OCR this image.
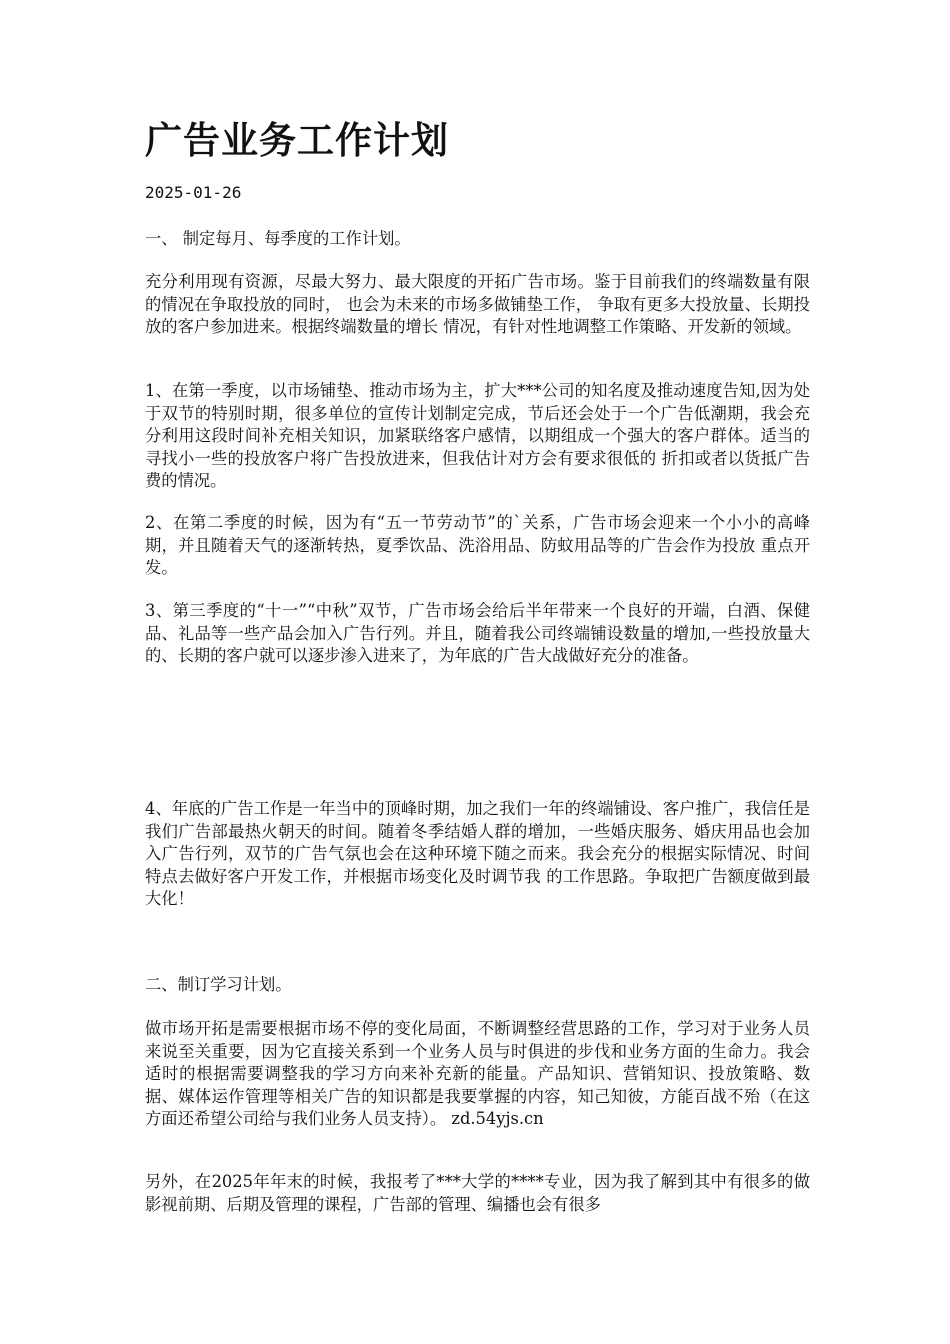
广告业务工作计划
2025-01-26

一、 制定每月、每季度的工作计划。

充分利用现有资源，尽最大努力、最大限度的开拓广告市场。鉴于目前我们的终端数量有限的情况在争取投放的同时， 也会为未来的市场多做铺垫工作， 争取有更多大投放量、长期投放的客户参加进来。根据终端数量的增长 情况，有针对性地调整工作策略、开发新的领域。

1、在第一季度，以市场铺垫、推动市场为主，扩大***公司的知名度及推动速度告知,因为处于双节的特别时期，很多单位的宣传计划制定完成，节后还会处于一个广告低潮期，我会充分利用这段时间补充相关知识，加紧联络客户感情，以期组成一个强大的客户群体。适当的寻找小一些的投放客户将广告投放进来，但我估计对方会有要求很低的 折扣或者以货抵广告费的情况。

2、在第二季度的时候，因为有“五一节劳动节”的`关系，广告市场会迎来一个小小的高峰期，并且随着天气的逐渐转热，夏季饮品、洗浴用品、防蚊用品等的广告会作为投放 重点开发。

3、第三季度的“十一”“中秋”双节，广告市场会给后半年带来一个良好的开端，白酒、保健品、礼品等一些产品会加入广告行列。并且，随着我公司终端铺设数量的增加,一些投放量大的、长期的客户就可以逐步渗入进来了，为年底的广告大战做好充分的准备。

4、年底的广告工作是一年当中的顶峰时期，加之我们一年的终端铺设、客户推广，我信任是我们广告部最热火朝天的时间。随着冬季结婚人群的增加，一些婚庆服务、婚庆用品也会加入广告行列，双节的广告气氛也会在这种环境下随之而来。我会充分的根据实际情况、时间特点去做好客户开发工作，并根据市场变化及时调节我 的工作思路。争取把广告额度做到最大化！

二、制订学习计划。

做市场开拓是需要根据市场不停的变化局面，不断调整经营思路的工作，学习对于业务人员来说至关重要，因为它直接关系到一个业务人员与时俱进的步伐和业务方面的生命力。我会适时的根据需要调整我的学习方向来补充新的能量。产品知识、营销知识、投放策略、数据、媒体运作管理等相关广告的知识都是我要掌握的内容，知己知彼，方能百战不殆（在这方面还希望公司给与我们业务人员支持）。 zd.54yjs.cn

另外，在2025年年末的时候，我报考了***大学的****专业，因为我了解到其中有很多的做影视前期、后期及管理的课程，广告部的管理、编播也会有很多
